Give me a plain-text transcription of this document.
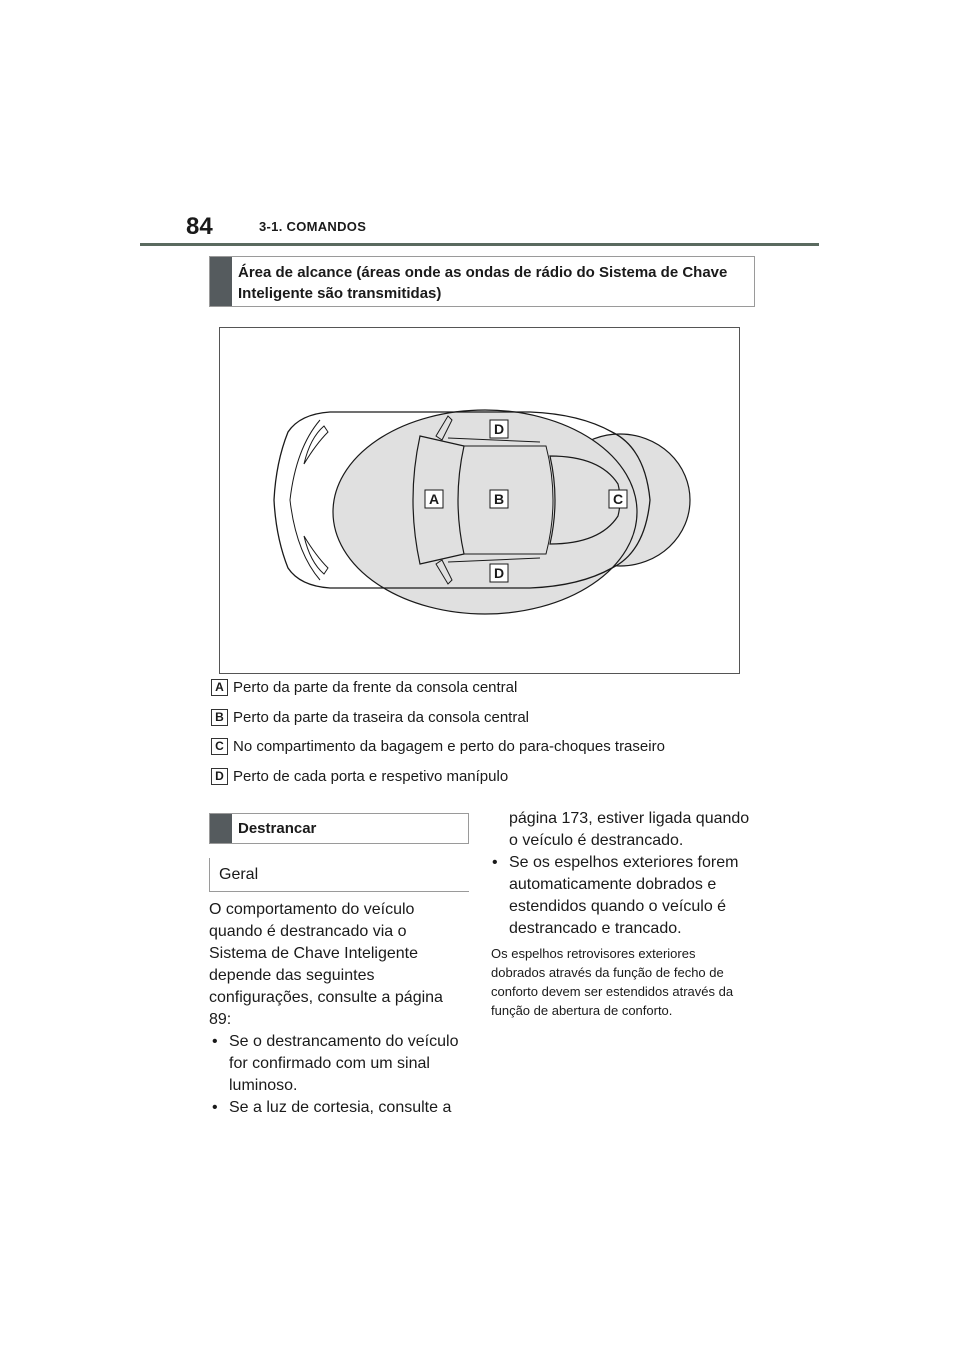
84	3-1. COMANDOS
Área de alcance (áreas onde as ondas de rádio do Sistema de Chave Inteligente são transmitidas)
A	B	C
D
D
A Perto da parte da frente da consola central
B Perto da parte da traseira da consola central
C No compartimento da bagagem e perto do para-choques traseiro
D Perto de cada porta e respetivo manípulo
Destrancar
Geral
O comportamento do veículo quando é destrancado via o Sistema de Chave Inteligente depende das seguintes configurações, consulte a página 89:
• Se o destrancamento do veículo for confirmado com um sinal luminoso.
• Se a luz de cortesia, consulte a
página 173, estiver ligada quando o veículo é destrancado.
• Se os espelhos exteriores forem automaticamente dobrados e estendidos quando o veículo é destrancado e trancado.
Os espelhos retrovisores exteriores dobrados através da função de fecho de conforto devem ser estendidos através da função de abertura de conforto.
